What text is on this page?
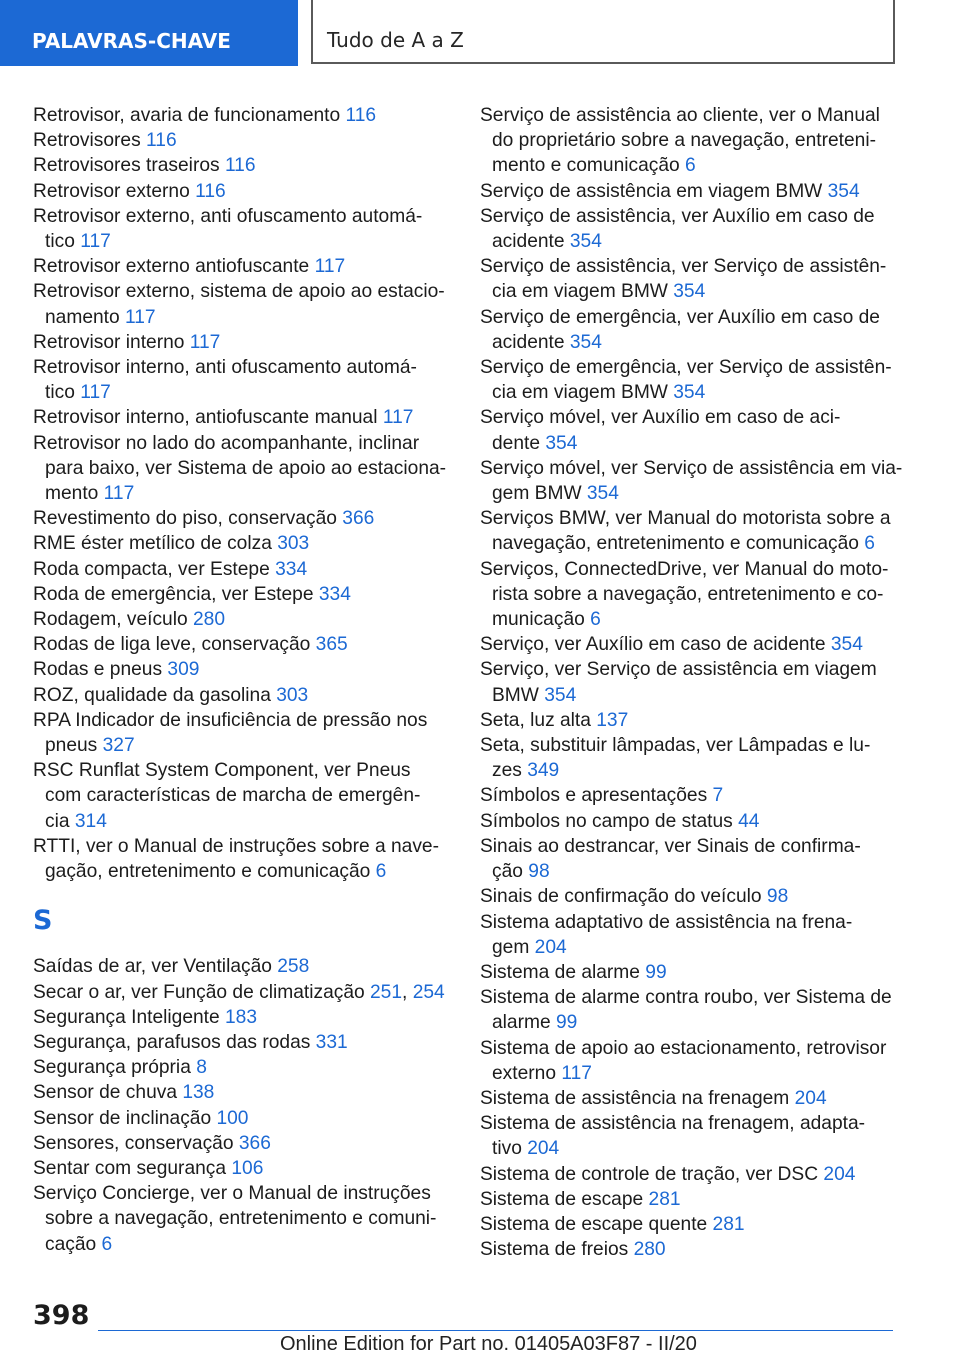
PALAVRAS-CHAVE	Tudo de A a Z
Retrovisor, avaria de funcionamento 116
Retrovisores 116
Retrovisores traseiros 116
Retrovisor externo 116
Retrovisor externo, anti ofuscamento automá-
tico 117
Retrovisor externo antiofuscante 117
Retrovisor externo, sistema de apoio ao estacio-
namento 117
Retrovisor interno 117
Retrovisor interno, anti ofuscamento automá-
tico 117
Retrovisor interno, antiofuscante manual 117
Retrovisor no lado do acompanhante, inclinar
para baixo, ver Sistema de apoio ao estaciona-
mento 117
Revestimento do piso, conservação 366
RME éster metílico de colza 303
Roda compacta, ver Estepe 334
Roda de emergência, ver Estepe 334
Rodagem, veículo 280
Rodas de liga leve, conservação 365
Rodas e pneus 309
ROZ, qualidade da gasolina 303
RPA Indicador de insuficiência de pressão nos
pneus 327
RSC Runflat System Component, ver Pneus
com características de marcha de emergên-
cia 314
RTTI, ver o Manual de instruções sobre a nave-
gação, entretenimento e comunicação 6
S
Saídas de ar, ver Ventilação 258
Secar o ar, ver Função de climatização 251, 254
Segurança Inteligente 183
Segurança, parafusos das rodas 331
Segurança própria 8
Sensor de chuva 138
Sensor de inclinação 100
Sensores, conservação 366
Sentar com segurança 106
Serviço Concierge, ver o Manual de instruções
sobre a navegação, entretenimento e comuni-
cação 6
Serviço de assistência ao cliente, ver o Manual
do proprietário sobre a navegação, entreteni-
mento e comunicação 6
Serviço de assistência em viagem BMW 354
Serviço de assistência, ver Auxílio em caso de
acidente 354
Serviço de assistência, ver Serviço de assistên-
cia em viagem BMW 354
Serviço de emergência, ver Auxílio em caso de
acidente 354
Serviço de emergência, ver Serviço de assistên-
cia em viagem BMW 354
Serviço móvel, ver Auxílio em caso de aci-
dente 354
Serviço móvel, ver Serviço de assistência em via-
gem BMW 354
Serviços BMW, ver Manual do motorista sobre a
navegação, entretenimento e comunicação 6
Serviços, ConnectedDrive, ver Manual do moto-
rista sobre a navegação, entretenimento e co-
municação 6
Serviço, ver Auxílio em caso de acidente 354
Serviço, ver Serviço de assistência em viagem
BMW 354
Seta, luz alta 137
Seta, substituir lâmpadas, ver Lâmpadas e lu-
zes 349
Símbolos e apresentações 7
Símbolos no campo de status 44
Sinais ao destrancar, ver Sinais de confirma-
ção 98
Sinais de confirmação do veículo 98
Sistema adaptativo de assistência na frena-
gem 204
Sistema de alarme 99
Sistema de alarme contra roubo, ver Sistema de
alarme 99
Sistema de apoio ao estacionamento, retrovisor
externo 117
Sistema de assistência na frenagem 204
Sistema de assistência na frenagem, adapta-
tivo 204
Sistema de controle de tração, ver DSC 204
Sistema de escape 281
Sistema de escape quente 281
Sistema de freios 280
398
Online Edition for Part no. 01405A03F87 - II/20
